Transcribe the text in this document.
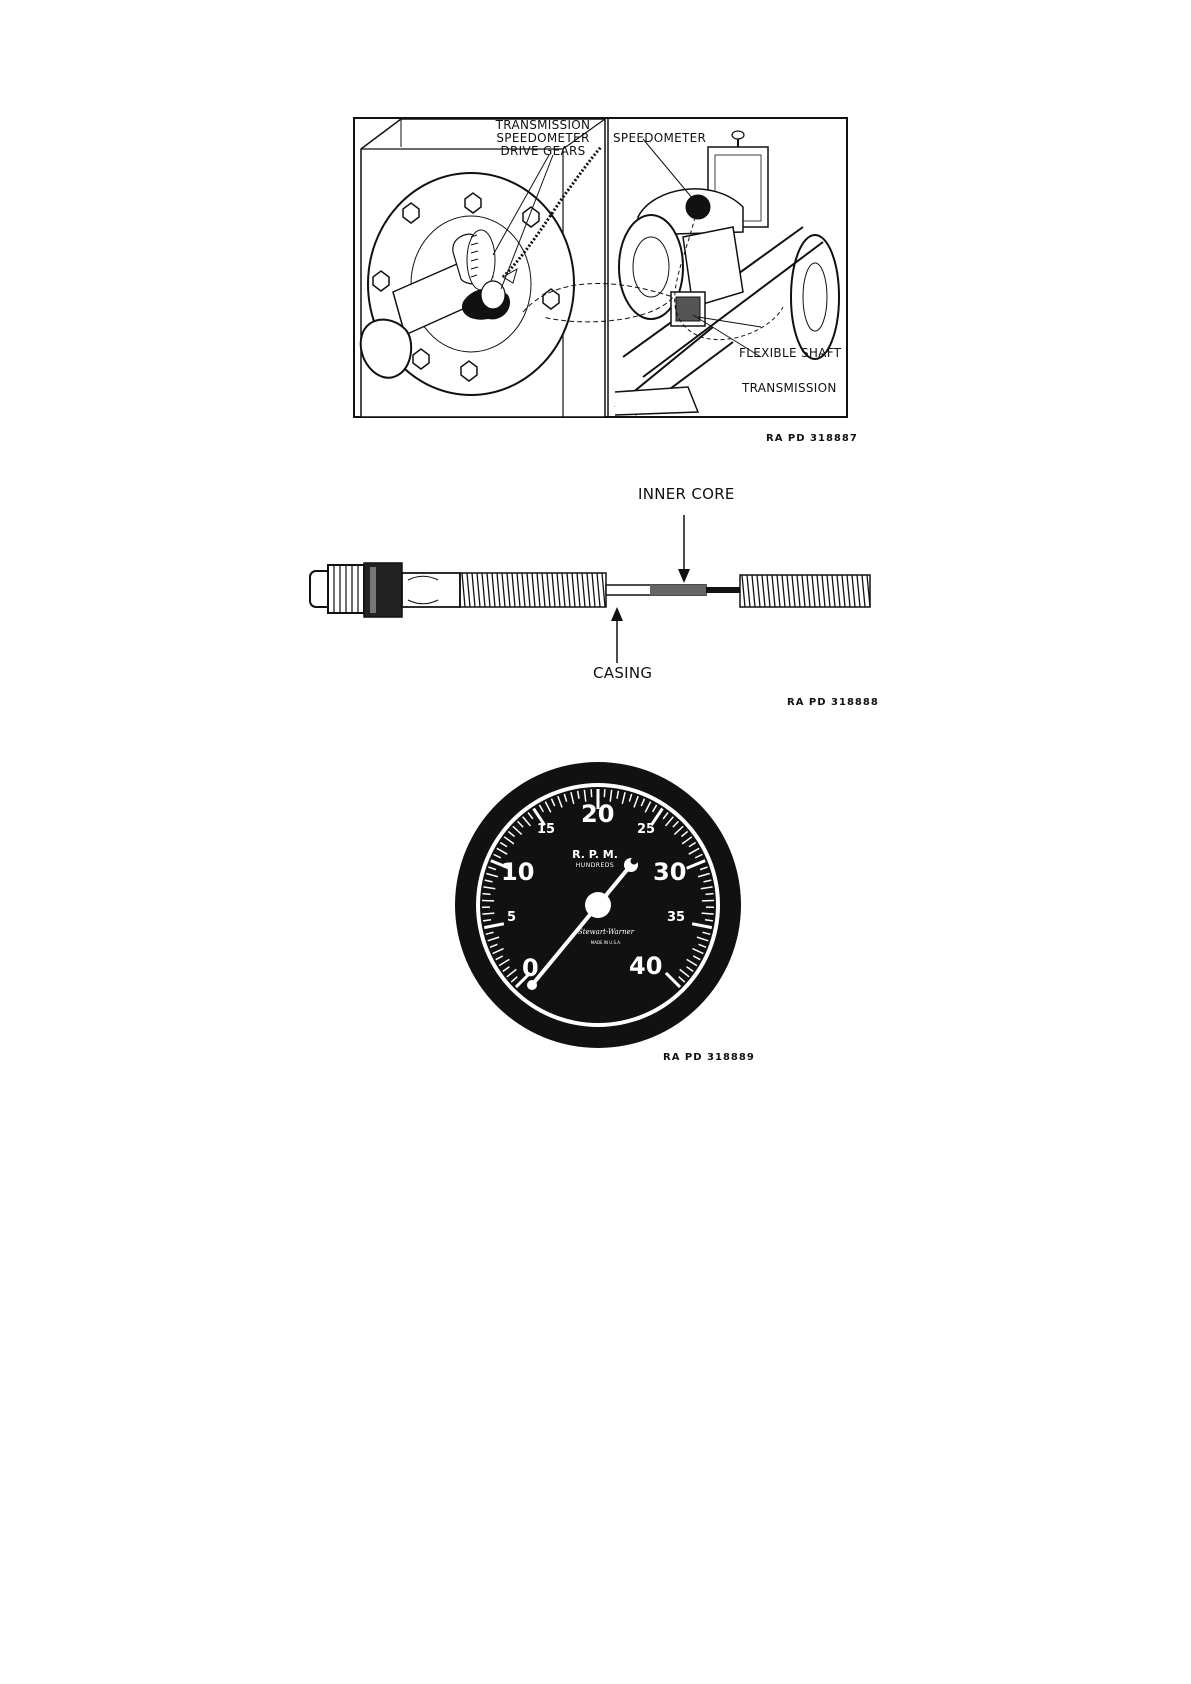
TRANSMISSION
SPEEDOMETER
DRIVE GEARS
SPEEDOMETER
FLEXIBLE SHAFT
TRANSMISSION
RA PD 318887
INNER CORE
CASING
RA PD 318888
0
10
20
30
40
5
15	25
35
R. P. M.
HUNDREDS
Stewart-Warner
MADE IN U.S.A.
RA PD 318889
